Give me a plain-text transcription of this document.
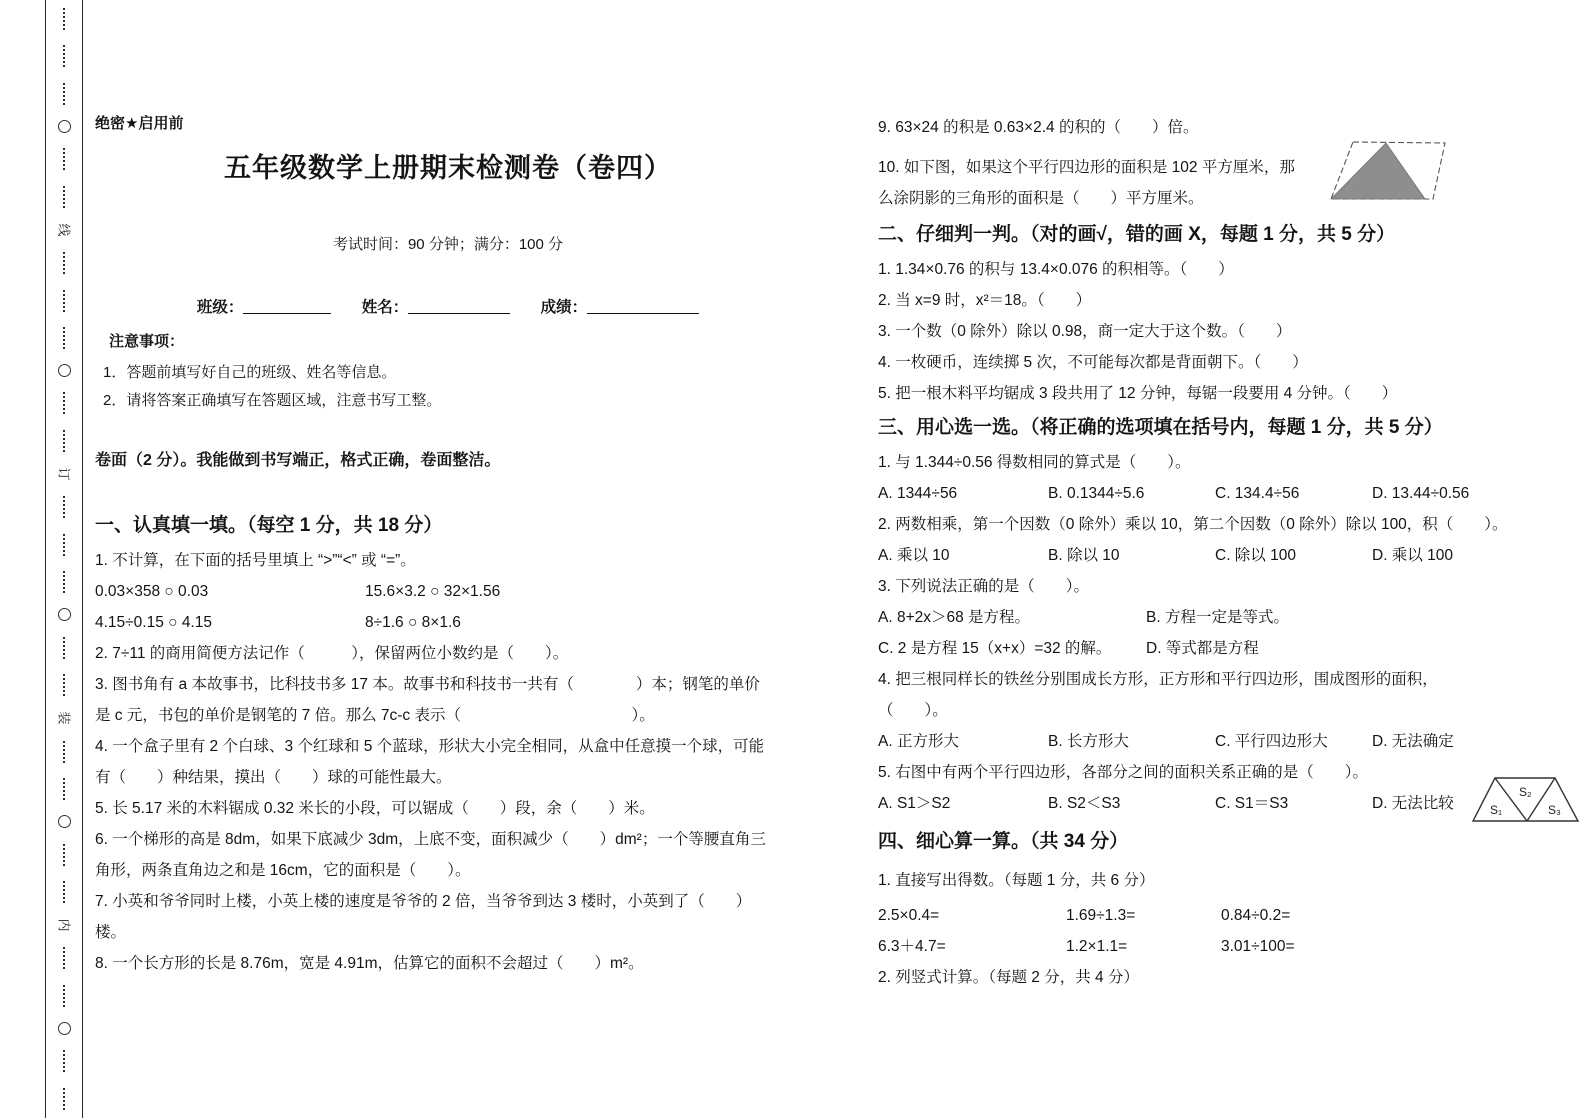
线
订
装
内

绝密★启用前

五年级数学上册期末检测卷（卷四）

考试时间：90 分钟；满分：100 分

班级：	姓名：	成绩：

注意事项：

1．答题前填写好自己的班级、姓名等信息。

2．请将答案正确填写在答题区域，注意书写工整。

卷面（2 分）。我能做到书写端正，格式正确，卷面整洁。

一、认真填一填。（每空 1 分，共 18 分）

1. 不计算，在下面的括号里填上 “>”“<” 或 “=”。

0.03×358 ○ 0.03	15.6×3.2 ○ 32×1.56
4.15÷0.15 ○ 4.15	8÷1.6 ○ 8×1.6

2. 7÷11 的商用简便方法记作（　　　），保留两位小数约是（　　）。

3. 图书角有 a 本故事书，比科技书多 17 本。故事书和科技书一共有（　　　　）本；钢笔的单价

是 c 元，书包的单价是钢笔的 7 倍。那么 7c-c 表示（　　　　　　　　　　　）。

4. 一个盒子里有 2 个白球、3 个红球和 5 个蓝球，形状大小完全相同，从盒中任意摸一个球，可能

有（　　）种结果，摸出（　　）球的可能性最大。

5. 长 5.17 米的木料锯成 0.32 米长的小段，可以锯成（　　）段，余（　　）米。

6. 一个梯形的高是 8dm，如果下底减少 3dm，上底不变，面积减少（　　）dm²；一个等腰直角三

角形，两条直角边之和是 16cm，它的面积是（　　）。

7. 小英和爷爷同时上楼，小英上楼的速度是爷爷的 2 倍，当爷爷到达 3 楼时，小英到了（　　）

楼。

8. 一个长方形的长是 8.76m，宽是 4.91m，估算它的面积不会超过（　　）m²。

9. 63×24 的积是 0.63×2.4 的积的（　　）倍。

10. 如下图，如果这个平行四边形的面积是 102 平方厘米，那

么涂阴影的三角形的面积是（　　）平方厘米。

二、仔细判一判。（对的画√，错的画 X，每题 1 分，共 5 分）

1. 1.34×0.76 的积与 13.4×0.076 的积相等。（　　）

2. 当 x=9 时，x²＝18。（　　）

3. 一个数（0 除外）除以 0.98，商一定大于这个数。（　　）

4. 一枚硬币，连续掷 5 次，不可能每次都是背面朝下。（　　）

5. 把一根木料平均锯成 3 段共用了 12 分钟，每锯一段要用 4 分钟。（　　）

三、用心选一选。（将正确的选项填在括号内，每题 1 分，共 5 分）

1. 与 1.344÷0.56 得数相同的算式是（　　）。

A. 1344÷56	B. 0.1344÷5.6	C. 134.4÷56	D. 13.44÷0.56

2. 两数相乘，第一个因数（0 除外）乘以 10，第二个因数（0 除外）除以 100，积（　　）。

A. 乘以 10	B. 除以 10	C. 除以 100	D. 乘以 100

3. 下列说法正确的是（　　）。

A. 8+2x＞68 是方程。	B. 方程一定是等式。
C. 2 是方程 15（x+x）=32 的解。	D. 等式都是方程

4. 把三根同样长的铁丝分别围成长方形，正方形和平行四边形，围成图形的面积，

（　　）。

A. 正方形大	B. 长方形大	C. 平行四边形大	D. 无法确定

5. 右图中有两个平行四边形，各部分之间的面积关系正确的是（　　）。

A. S1＞S2	B. S2＜S3	C. S1＝S3	D. 无法比较

四、细心算一算。（共 34 分）

1. 直接写出得数。（每题 1 分，共 6 分）

2.5×0.4=	1.69÷1.3=	0.84÷0.2=
6.3＋4.7=	1.2×1.1=	3.01÷100=

2. 列竖式计算。（每题 2 分，共 4 分）

S₁
S₂
S₃
